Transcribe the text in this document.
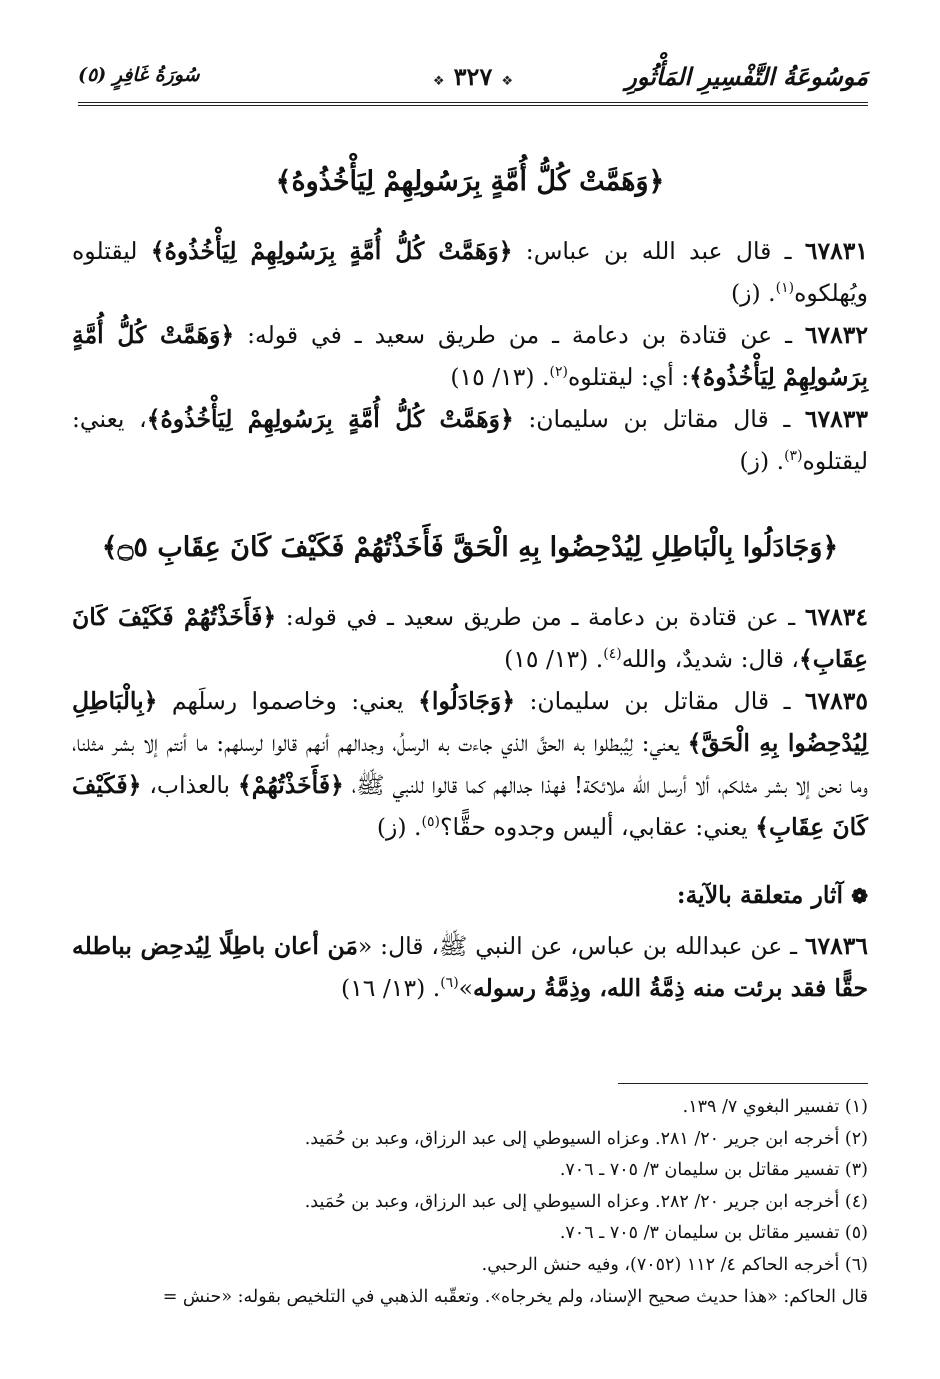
مَوسُوعَةُ التَّفْسِيرِ المَأْثُورِ
❖ ٣٢٧ ❖
سُورَةُ غَافِرٍ (٥)

﴿وَهَمَّتْ كُلُّ أُمَّةٍ بِرَسُولِهِمْ لِيَأْخُذُوهُ﴾

٦٧٨٣١ ـ قال عبد الله بن عباس: ﴿وَهَمَّتْ كُلُّ أُمَّةٍ بِرَسُولِهِمْ لِيَأْخُذُوهُ﴾ ليقتلوه ويُهلكوه$^{(١)}$. (ز)

٦٧٨٣٢ ـ عن قتادة بن دعامة ـ من طريق سعيد ـ في قوله: ﴿وَهَمَّتْ كُلُّ أُمَّةٍ بِرَسُولِهِمْ لِيَأْخُذُوهُ﴾: أي: ليقتلوه$^{(٢)}$. (١٣/ ١٥)

٦٧٨٣٣ ـ قال مقاتل بن سليمان: ﴿وَهَمَّتْ كُلُّ أُمَّةٍ بِرَسُولِهِمْ لِيَأْخُذُوهُ﴾، يعني: ليقتلوه$^{(٣)}$. (ز)

﴿وَجَادَلُوا بِالْبَاطِلِ لِيُدْحِضُوا بِهِ الْحَقَّ فَأَخَذْتُهُمْ فَكَيْفَ كَانَ عِقَابِ ۝٥﴾

٦٧٨٣٤ ـ عن قتادة بن دعامة ـ من طريق سعيد ـ في قوله: ﴿فَأَخَذْتُهُمْ فَكَيْفَ كَانَ عِقَابِ﴾، قال: شديدٌ، والله$^{(٤)}$. (١٣/ ١٥)

٦٧٨٣٥ ـ قال مقاتل بن سليمان: ﴿وَجَادَلُوا﴾ يعني: وخاصموا رسلَهم ﴿بِالْبَاطِلِ لِيُدْحِضُوا بِهِ الْحَقَّ﴾ يعني: لِيُبطلوا به الحقَّ الذي جاءت به الرسلُ، وجدالهم أنهم قالوا لرسلهم: ما أنتم إلا بشر مثلنا، وما نحن إلا بشر مثلكم، ألا أرسل الله ملائكة! فهذا جدالهم كما قالوا للنبي ﷺ، ﴿فَأَخَذْتُهُمْ﴾ بالعذاب، ﴿فَكَيْفَ كَانَ عِقَابِ﴾ يعني: عقابي، أليس وجدوه حقًّا؟$^{(٥)}$. (ز)

❁ آثار متعلقة بالآية:

٦٧٨٣٦ ـ عن عبدالله بن عباس، عن النبي ﷺ، قال: «مَن أعان باطِلًا لِيُدحِض بباطله حقًّا فقد برئت منه ذِمَّةُ الله، وذِمَّةُ رسوله»$^{(٦)}$. (١٣/ ١٦)

(١) تفسير البغوي ٧/ ١٣٩.

(٢) أخرجه ابن جرير ٢٠/ ٢٨١. وعزاه السيوطي إلى عبد الرزاق، وعبد بن حُمَيد.

(٣) تفسير مقاتل بن سليمان ٣/ ٧٠٥ ـ ٧٠٦.

(٤) أخرجه ابن جرير ٢٠/ ٢٨٢. وعزاه السيوطي إلى عبد الرزاق، وعبد بن حُمَيد.

(٥) تفسير مقاتل بن سليمان ٣/ ٧٠٥ ـ ٧٠٦.

(٦) أخرجه الحاكم ٤/ ١١٢ (٧٠٥٢)، وفيه حنش الرحبي.

قال الحاكم: «هذا حديث صحيح الإسناد، ولم يخرجاه». وتعقّبه الذهبي في التلخيص بقوله: «حنش =
